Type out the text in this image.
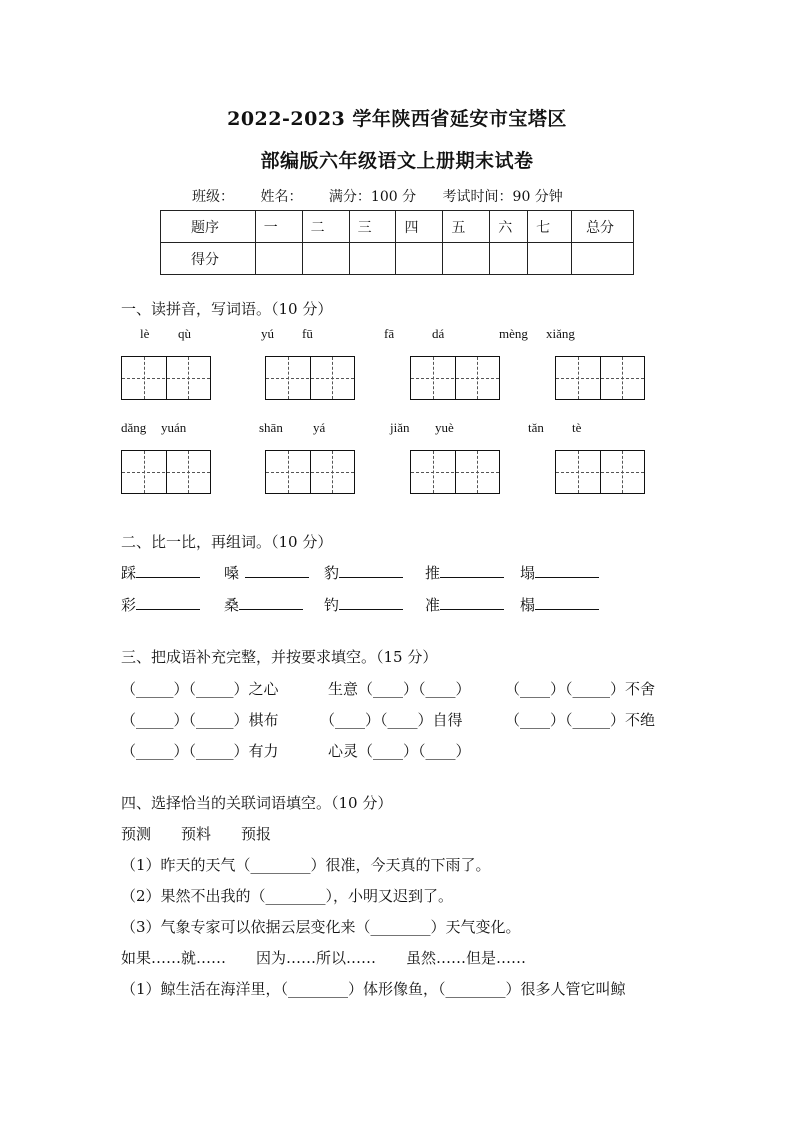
2022-2023 学年陕西省延安市宝塔区
部编版六年级语文上册期末试卷
班级： 姓名： 满分：100 分 考试时间：90 分钟
题序	一	二	三	四	五	六	七	总分
得分								
一、读拼音，写词语。（10 分）
lè qù	yú fū	fā	dá	mèng xiǎng
dǎng yuán	shān yá	jiǎn yuè	tǎn tè
二、比一比，再组词。（10 分）
踩	嗓	豹	推	塌
彩	桑	钓	准	榻
三、把成语补充完整，并按要求填空。（15 分）
（_____）（_____）之心	生意（____）（____） （____）（_____）不舍
（_____）（_____）棋布	（____）（____）自得	（____）（_____）不绝
（_____）（_____）有力	心灵（____）（____）
四、选择恰当的关联词语填空。（10 分）
预测　　预料　　预报
（1）昨天的天气（________）很准，今天真的下雨了。
（2）果然不出我的（________），小明又迟到了。
（3）气象专家可以依据云层变化来（________）天气变化。
如果……就……　　因为……所以……　　虽然……但是……
（1）鲸生活在海洋里，（________）体形像鱼，（________）很多人管它叫鲸
